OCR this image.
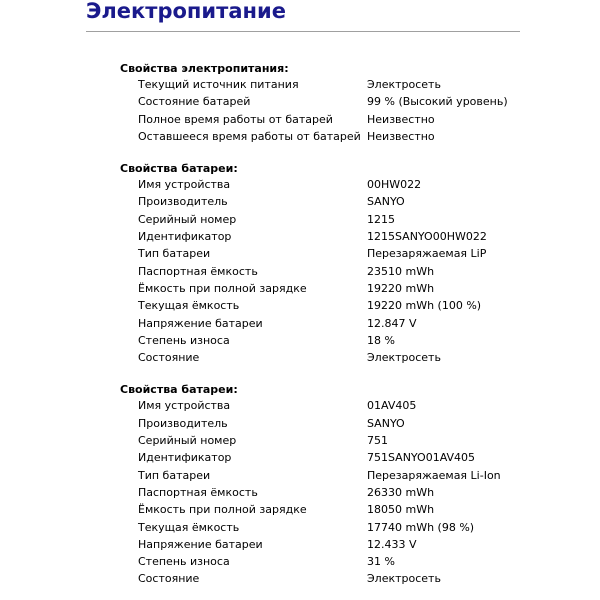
Электропитание
Свойства электропитания:
Текущий источник питания	Электросеть
Состояние батарей	99 % (Высокий уровень)
Полное время работы от батарей	Неизвестно
Оставшееся время работы от батарей Неизвестно
Свойства батареи:
Имя устройства	00HW022
Производитель	SANYO
Серийный номер	1215
Идентификатор	1215SANYO00HW022
Тип батареи	Перезаряжаемая LiP
Паспортная ёмкость	23510 mWh
Ёмкость при полной зарядке	19220 mWh
Текущая ёмкость	19220 mWh (100 %)
Напряжение батареи	12.847 V
Степень износа	18 %
Состояние	Электросеть
Свойства батареи:
Имя устройства	01AV405
Производитель	SANYO
Серийный номер	751
Идентификатор	751SANYO01AV405
Тип батареи	Перезаряжаемая Li-Ion
Паспортная ёмкость	26330 mWh
Ёмкость при полной зарядке	18050 mWh
Текущая ёмкость	17740 mWh (98 %)
Напряжение батареи	12.433 V
Степень износа	31 %
Состояние	Электросеть
